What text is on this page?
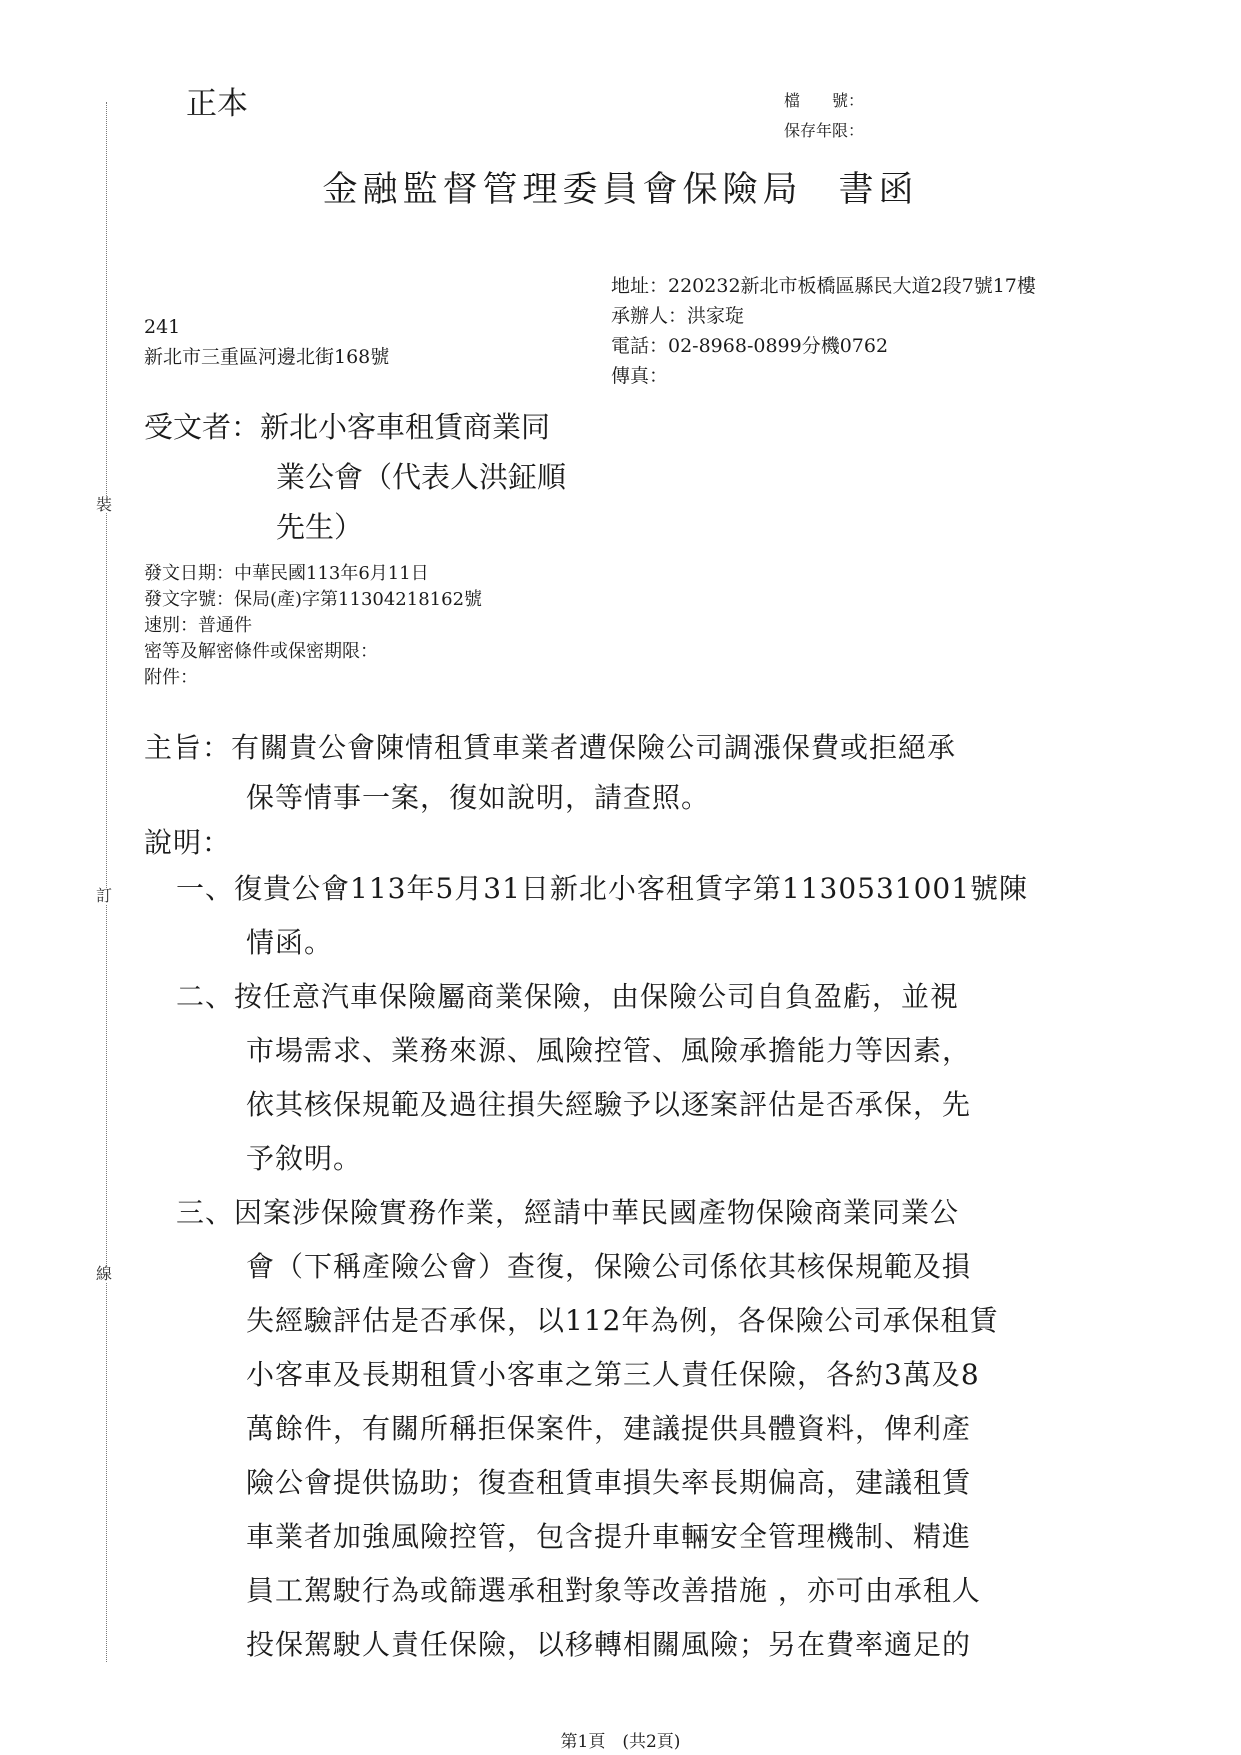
裝
訂
線
正本	檔　　號：
保存年限：
金融監督管理委員會保險局 書函
地址：220232新北市板橋區縣民大道2段7號17樓
承辦人：洪家琁
電話：02-8968-0899分機0762
傳真：
241
新北市三重區河邊北街168號
受文者：新北小客車租賃商業同
業公會（代表人洪鉦順
先生）
發文日期：中華民國113年6月11日
發文字號：保局(產)字第11304218162號
速別：普通件
密等及解密條件或保密期限：
附件：
主旨：有關貴公會陳情租賃車業者遭保險公司調漲保費或拒絕承
保等情事一案，復如說明，請查照。
說明：
一、復貴公會113年5月31日新北小客租賃字第1130531001號陳
情函。
二、按任意汽車保險屬商業保險，由保險公司自負盈虧，並視
市場需求、業務來源、風險控管、風險承擔能力等因素，
依其核保規範及過往損失經驗予以逐案評估是否承保，先
予敘明。
三、因案涉保險實務作業，經請中華民國產物保險商業同業公
會（下稱產險公會）查復，保險公司係依其核保規範及損
失經驗評估是否承保，以112年為例，各保險公司承保租賃
小客車及長期租賃小客車之第三人責任保險，各約3萬及8
萬餘件，有關所稱拒保案件，建議提供具體資料，俾利產
險公會提供協助；復查租賃車損失率長期偏高，建議租賃
車業者加強風險控管，包含提升車輛安全管理機制、精進
員工駕駛行為或篩選承租對象等改善措施 ，亦可由承租人
投保駕駛人責任保險，以移轉相關風險；另在費率適足的
第1頁　(共2頁)
